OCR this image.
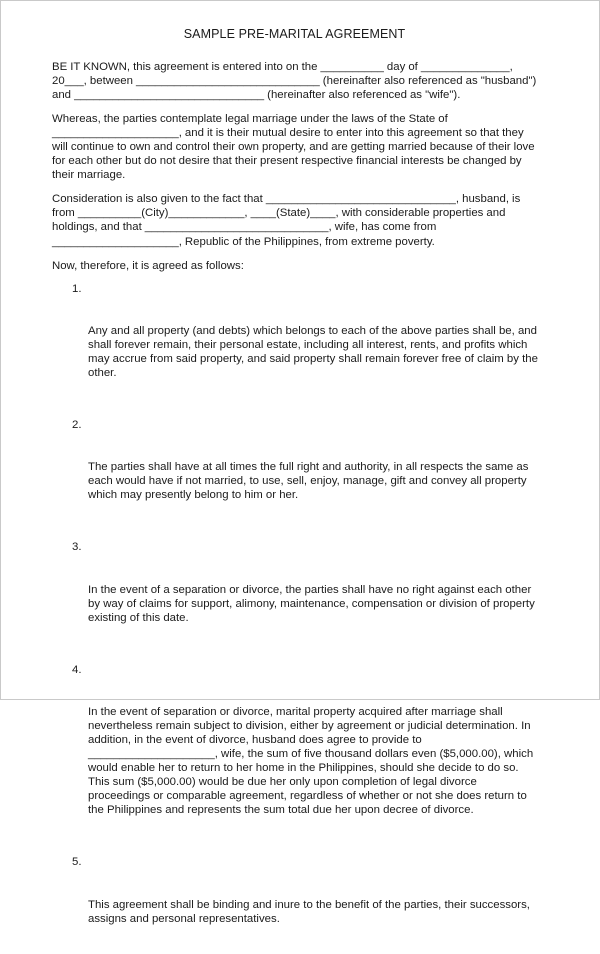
SAMPLE PRE-MARITAL AGREEMENT

BE IT KNOWN, this agreement is entered into on the __________ day of ______________, 20___, between _____________________________ (hereinafter also referenced as "husband") and ______________________________ (hereinafter also referenced as "wife").

Whereas, the parties contemplate legal marriage under the laws of the State of ____________________, and it is their mutual desire to enter into this agreement so that they will continue to own and control their own property, and are getting married because of their love for each other but do not desire that their present respective financial interests be changed by their marriage.

Consideration is also given to the fact that ______________________________, husband, is from __________(City)____________, ____(State)____, with considerable properties and holdings, and that _____________________________, wife, has come from ____________________, Republic of the Philippines, from extreme poverty.

Now, therefore, it is agreed as follows:

1.

Any and all property (and debts) which belongs to each of the above parties shall be, and shall forever remain, their personal estate, including all interest, rents, and profits which may accrue from said property, and said property shall remain forever free of claim by the other.

2.

The parties shall have at all times the full right and authority, in all respects the same as each would have if not married, to use, sell, enjoy, manage, gift and convey all property which may presently belong to him or her.

3.

In the event of a separation or divorce, the parties shall have no right against each other by way of claims for support, alimony, maintenance, compensation or division of property existing of this date.

4.

In the event of separation or divorce, marital property acquired after marriage shall nevertheless remain subject to division, either by agreement or judicial determination. In addition, in the event of divorce, husband does agree to provide to ____________________, wife, the sum of five thousand dollars even ($5,000.00), which would enable her to return to her home in the Philippines, should she decide to do so. This sum ($5,000.00) would be due her only upon completion of legal divorce proceedings or comparable agreement, regardless of whether or not she does return to the Philippines and represents the sum total due her upon decree of divorce.

5.

This agreement shall be binding and inure to the benefit of the parties, their successors, assigns and personal representatives.
